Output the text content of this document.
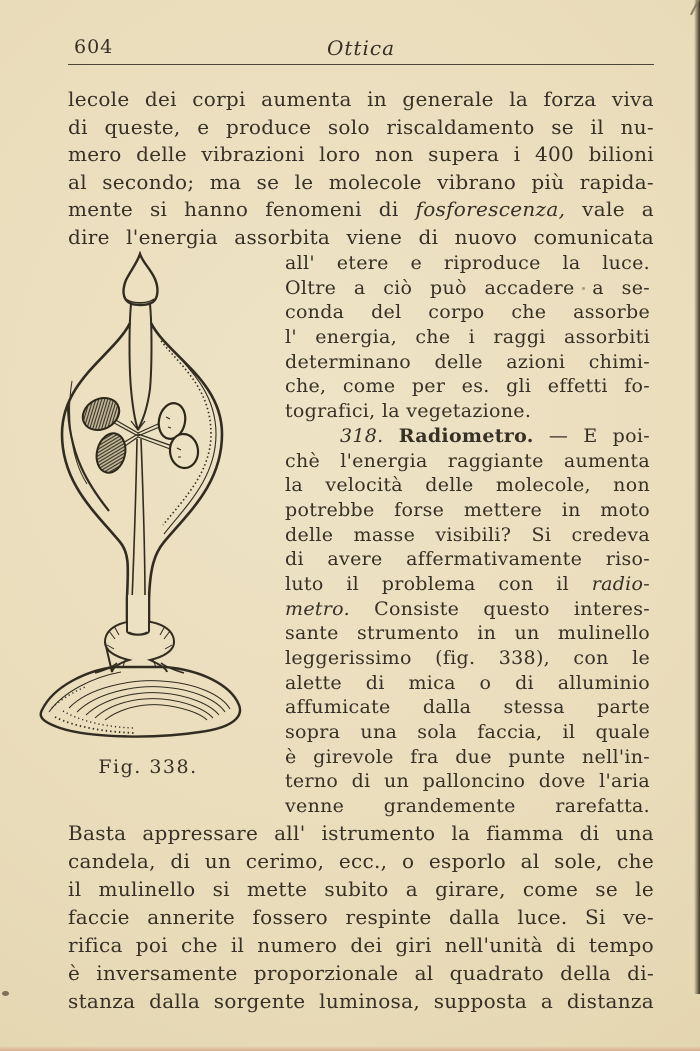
604	Ottica
lecole dei corpi aumenta in generale la forza viva
di queste, e produce solo riscaldamento se il nu-
mero delle vibrazioni loro non supera i 400 bilioni
al secondo; ma se le molecole vibrano più rapida-
mente si hanno fenomeni di fosforescenza, vale a
dire l'energia assorbita viene di nuovo comunicata
Fig. 338.
all' etere e riproduce la luce.
Oltre a ciò può accadere a se-
conda del corpo che assorbe
l' energia, che i raggi assorbiti
determinano delle azioni chimi-
che, come per es. gli effetti fo-
tografici, la vegetazione.
318. Radiometro. — E poi-
chè l'energia raggiante aumenta
la velocità delle molecole, non
potrebbe forse mettere in moto
delle masse visibili? Si credeva
di avere affermativamente riso-
luto il problema con il radio-
metro. Consiste questo interes-
sante strumento in un mulinello
leggerissimo (fig. 338), con le
alette di mica o di alluminio
affumicate dalla stessa parte
sopra una sola faccia, il quale
è girevole fra due punte nell'in-
terno di un palloncino dove l'aria
venne grandemente rarefatta.
Basta appressare all' istrumento la fiamma di una
candela, di un cerimo, ecc., o esporlo al sole, che
il mulinello si mette subito a girare, come se le
faccie annerite fossero respinte dalla luce. Si ve-
rifica poi che il numero dei giri nell'unità di tempo
è inversamente proporzionale al quadrato della di-
stanza dalla sorgente luminosa, supposta a distanza
